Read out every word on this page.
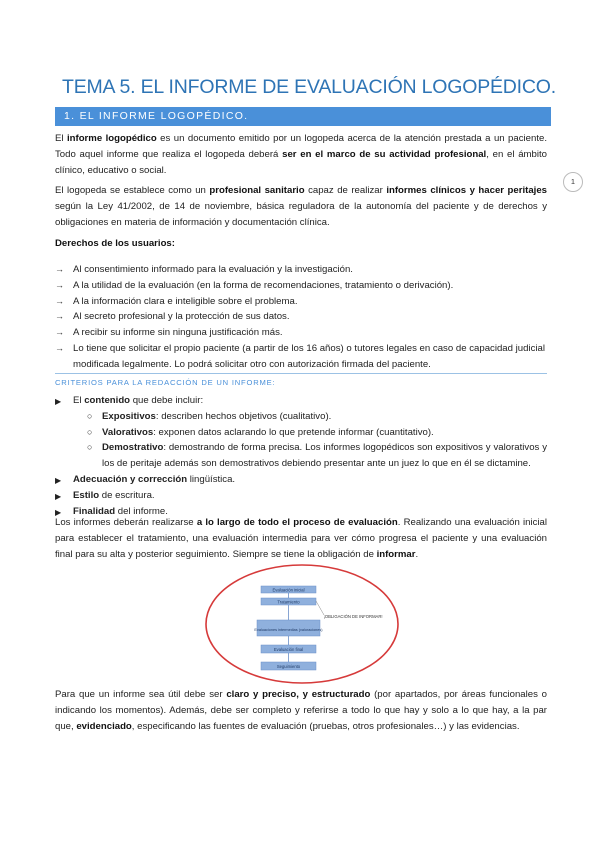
TEMA 5. EL INFORME DE EVALUACIÓN LOGOPÉDICO.
1. EL INFORME LOGOPÉDICO.
El informe logopédico es un documento emitido por un logopeda acerca de la atención prestada a un paciente. Todo aquel informe que realiza el logopeda deberá ser en el marco de su actividad profesional, en el ámbito clínico, educativo o social.
1
El logopeda se establece como un profesional sanitario capaz de realizar informes clínicos y hacer peritajes según la Ley 41/2002, de 14 de noviembre, básica reguladora de la autonomía del paciente y de derechos y obligaciones en materia de información y documentación clínica.
Derechos de los usuarios:
→ Al consentimiento informado para la evaluación y la investigación.
→ A la utilidad de la evaluación (en la forma de recomendaciones, tratamiento o derivación).
→ A la información clara e inteligible sobre el problema.
→ Al secreto profesional y la protección de sus datos.
→ A recibir su informe sin ninguna justificación más.
→ Lo tiene que solicitar el propio paciente (a partir de los 16 años) o tutores legales en caso de capacidad judicial modificada legalmente. Lo podrá solicitar otro con autorización firmada del paciente.
CRITERIOS PARA LA REDACCIÓN DE UN INFORME:
▶ El contenido que debe incluir:
○ Expositivos: describen hechos objetivos (cualitativo).
○ Valorativos: exponen datos aclarando lo que pretende informar (cuantitativo).
○ Demostrativo: demostrando de forma precisa. Los informes logopédicos son expositivos y valorativos y los de peritaje además son demostrativos debiendo presentar ante un juez lo que en él se dictamine.
▶ Adecuación y corrección lingüística.
▶ Estilo de escritura.
▶ Finalidad del informe.
Los informes deberán realizarse a lo largo de todo el proceso de evaluación. Realizando una evaluación inicial para establecer el tratamiento, una evaluación intermedia para ver cómo progresa el paciente y una evaluación final para su alta y posterior seguimiento. Siempre se tiene la obligación de informar.
Evaluación inicial
Tratamiento
¡OBLIGACIÓN DE INFORMAR!
Evaluaciones intermedias (valoraciones)
Evaluación final
Seguimiento
Para que un informe sea útil debe ser claro y preciso, y estructurado (por apartados, por áreas funcionales o indicando los momentos). Además, debe ser completo y referirse a todo lo que hay y solo a lo que hay, a la par que, evidenciado, especificando las fuentes de evaluación (pruebas, otros profesionales…) y las evidencias.
